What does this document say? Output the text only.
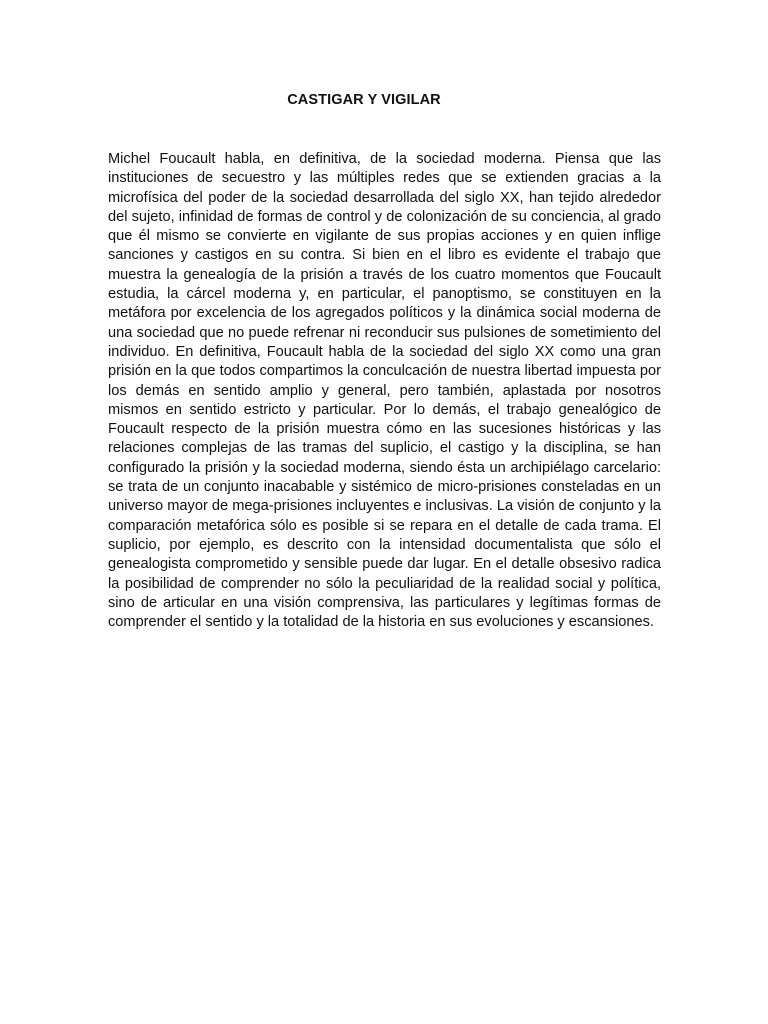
CASTIGAR Y VIGILAR

Michel Foucault habla, en definitiva, de la sociedad moderna. Piensa que las instituciones de secuestro y las múltiples redes que se extienden gracias a la microfísica del poder de la sociedad desarrollada del siglo XX, han tejido alrededor del sujeto, infinidad de formas de control y de colonización de su conciencia, al grado que él mismo se convierte en vigilante de sus propias acciones y en quien inflige sanciones y castigos en su contra. Si bien en el libro es evidente el trabajo que muestra la genealogía de la prisión a través de los cuatro momentos que Foucault estudia, la cárcel moderna y, en particular, el panoptismo, se constituyen en la metáfora por excelencia de los agregados políticos y la dinámica social moderna de una sociedad que no puede refrenar ni reconducir sus pulsiones de sometimiento del individuo. En definitiva, Foucault habla de la sociedad del siglo XX como una gran prisión en la que todos compartimos la conculcación de nuestra libertad impuesta por los demás en sentido amplio y general, pero también, aplastada por nosotros mismos en sentido estricto y particular. Por lo demás, el trabajo genealógico de Foucault respecto de la prisión muestra cómo en las sucesiones históricas y las relaciones complejas de las tramas del suplicio, el castigo y la disciplina, se han configurado la prisión y la sociedad moderna, siendo ésta un archipiélago carcelario: se trata de un conjunto inacabable y sistémico de micro-prisiones consteladas en un universo mayor de mega-prisiones incluyentes e inclusivas. La visión de conjunto y la comparación metafórica sólo es posible si se repara en el detalle de cada trama. El suplicio, por ejemplo, es descrito con la intensidad documentalista que sólo el genealogista comprometido y sensible puede dar lugar. En el detalle obsesivo radica la posibilidad de comprender no sólo la peculiaridad de la realidad social y política, sino de articular en una visión comprensiva, las particulares y legítimas formas de comprender el sentido y la totalidad de la historia en sus evoluciones y escansiones.
